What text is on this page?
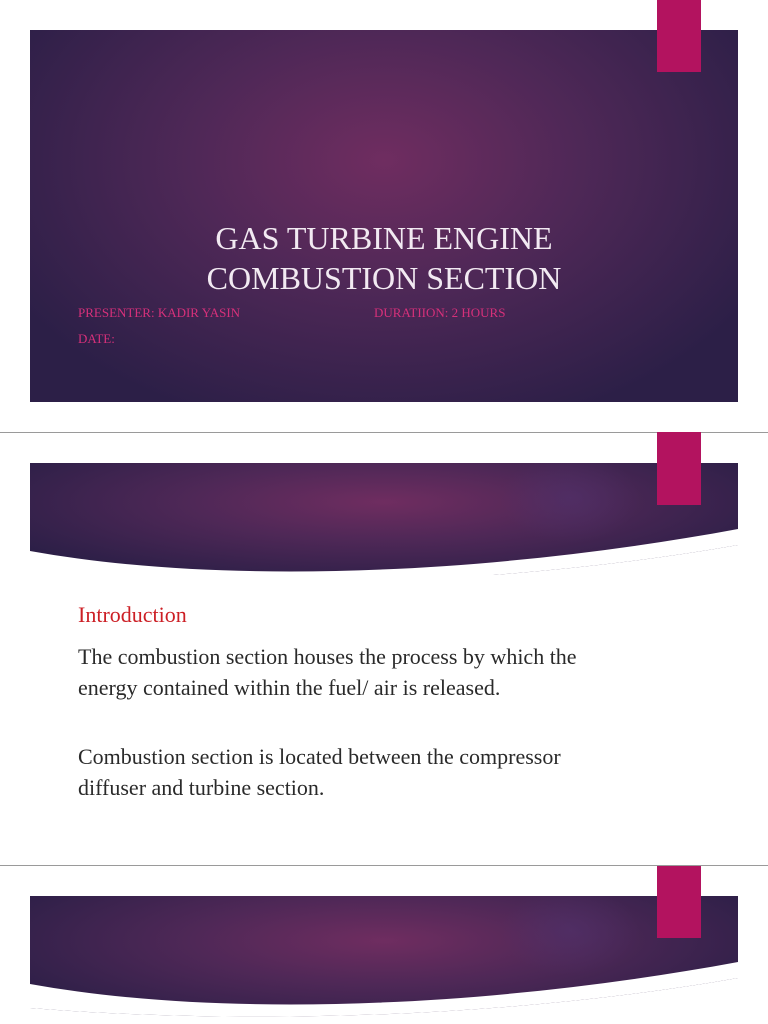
GAS TURBINE ENGINE
COMBUSTION SECTION
PRESENTER: KADIR YASIN	DURATIION: 2 HOURS
DATE:
Introduction
The combustion section houses the process by which the energy contained within the fuel/ air is released.
Combustion section is located between the compressor diffuser and turbine section.
